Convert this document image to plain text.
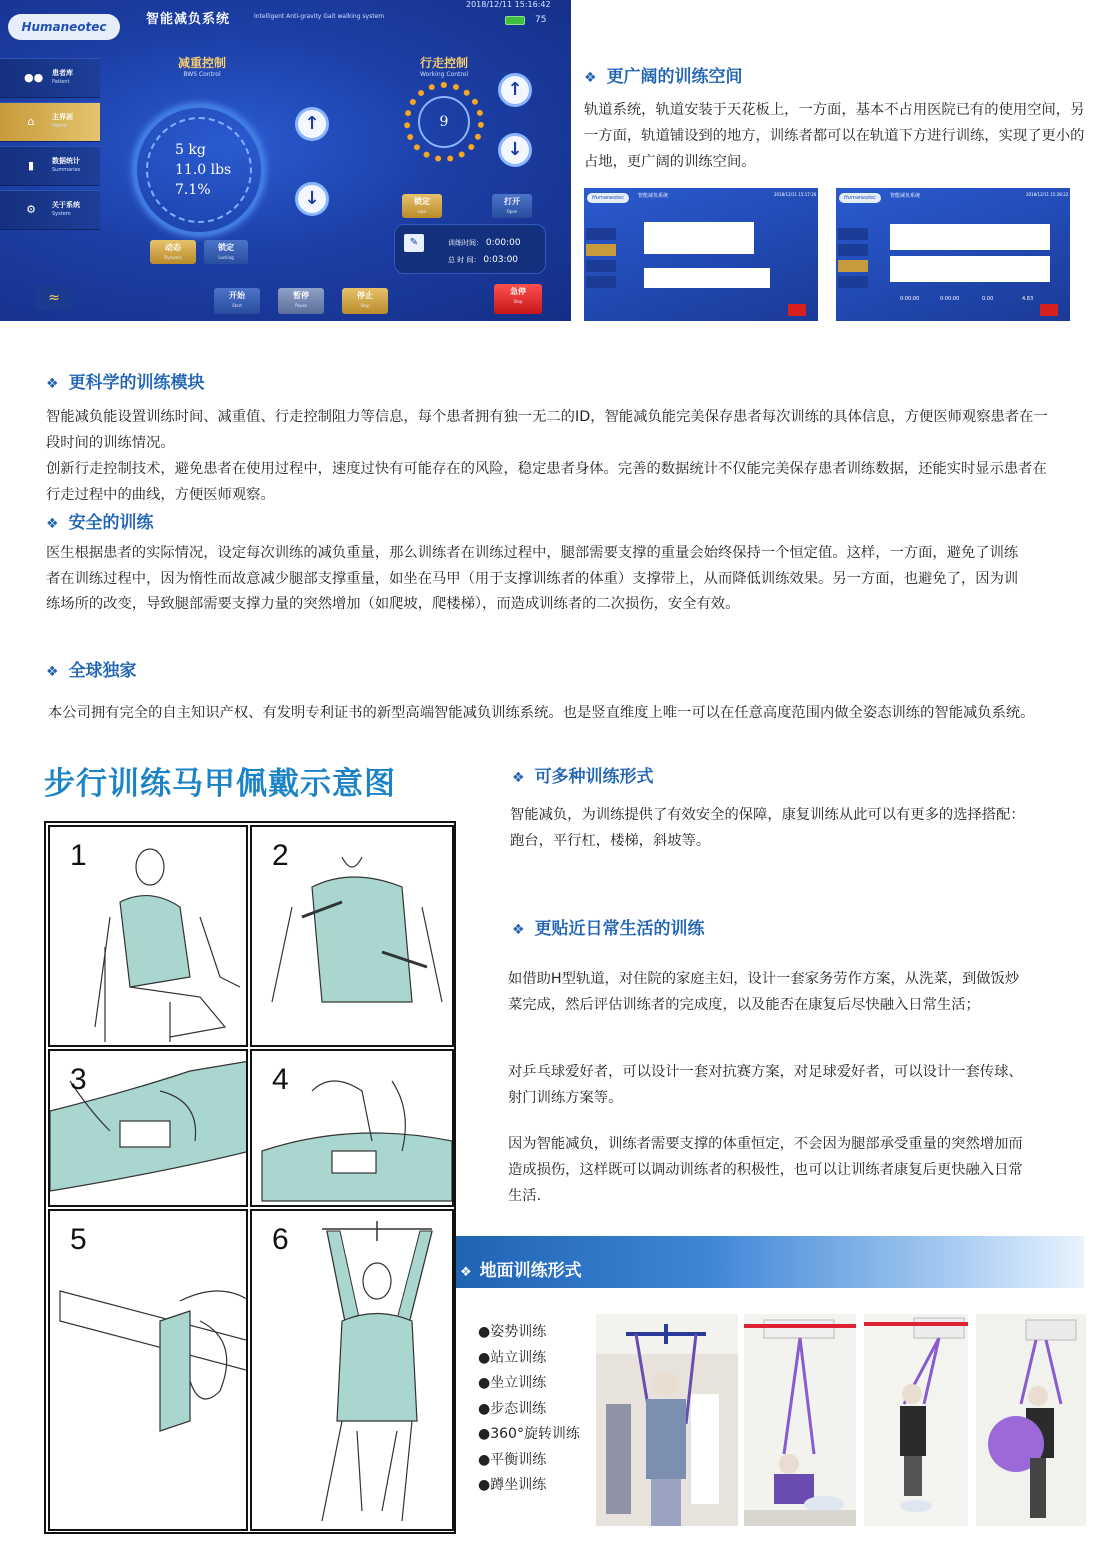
Humaneotec	智能减负系统	Intelligent Anti-gravity Gait walking system
2018/12/11 15:16:42
75
●● 患者库
Patient
⌂	主界面
Home
▮	数据统计
Summaries
⚙ 关于系统
System
≈
减重控制
BWS Control
5 kg
11.0 lbs
7.1%
↑
↓
行走控制
Working Control
9
↑
↓
锁定
Lock
打开
Open
动态
Dynamic
锁定
Locking
✎	训练时间： 0:00:00
总 时 间： 0:03:00
开始
Start
暂停
Pause
停止
Stop
急停
Stop
❖ 更广阔的训练空间
轨道系统，轨道安装于天花板上，一方面，基本不占用医院已有的使用空间，另一方面，轨道铺设到的地方，训练者都可以在轨道下方进行训练，实现了更小的占地，更广阔的训练空间。
Humaneotec	智能减负系统	2018/12/11 15:17:26
Humaneotec	智能减负系统	2018/12/11 15:28:22
0:00:00	0:00:00	0.00	4.83
❖ 更科学的训练模块

智能减负能设置训练时间、减重值、行走控制阻力等信息，每个患者拥有独一无二的ID，智能减负能完美保存患者每次训练的具体信息，方便医师观察患者在一段时间的训练情况。

创新行走控制技术，避免患者在使用过程中，速度过快有可能存在的风险，稳定患者身体。完善的数据统计不仅能完美保存患者训练数据，还能实时显示患者在行走过程中的曲线，方便医师观察。

❖ 安全的训练
医生根据患者的实际情况，设定每次训练的减负重量，那么训练者在训练过程中，腿部需要支撑的重量会始终保持一个恒定值。这样，一方面，避免了训练者在训练过程中，因为惰性而故意减少腿部支撑重量，如坐在马甲（用于支撑训练者的体重）支撑带上，从而降低训练效果。另一方面，也避免了，因为训练场所的改变，导致腿部需要支撑力量的突然增加（如爬坡，爬楼梯），而造成训练者的二次损伤，安全有效。
❖ 全球独家
本公司拥有完全的自主知识产权、有发明专利证书的新型高端智能减负训练系统。也是竖直维度上唯一可以在任意高度范围内做全姿态训练的智能减负系统。
步行训练马甲佩戴示意图	❖ 可多种训练形式
智能减负，为训练提供了有效安全的保障，康复训练从此可以有更多的选择搭配：跑台，平行杠，楼梯，斜坡等。
❖ 更贴近日常生活的训练
如借助H型轨道，对住院的家庭主妇，设计一套家务劳作方案，从洗菜，到做饭炒菜完成，然后评估训练者的完成度，以及能否在康复后尽快融入日常生活；
对乒乓球爱好者，可以设计一套对抗赛方案，对足球爱好者，可以设计一套传球、射门训练方案等。
因为智能减负，训练者需要支撑的体重恒定，不会因为腿部承受重量的突然增加而造成损伤，这样既可以调动训练者的积极性，也可以让训练者康复后更快融入日常生活.
1	2
3	4
5	6
❖ 地面训练形式
●姿势训练
●站立训练
●坐立训练
●步态训练
●360°旋转训练
●平衡训练
●蹲坐训练
